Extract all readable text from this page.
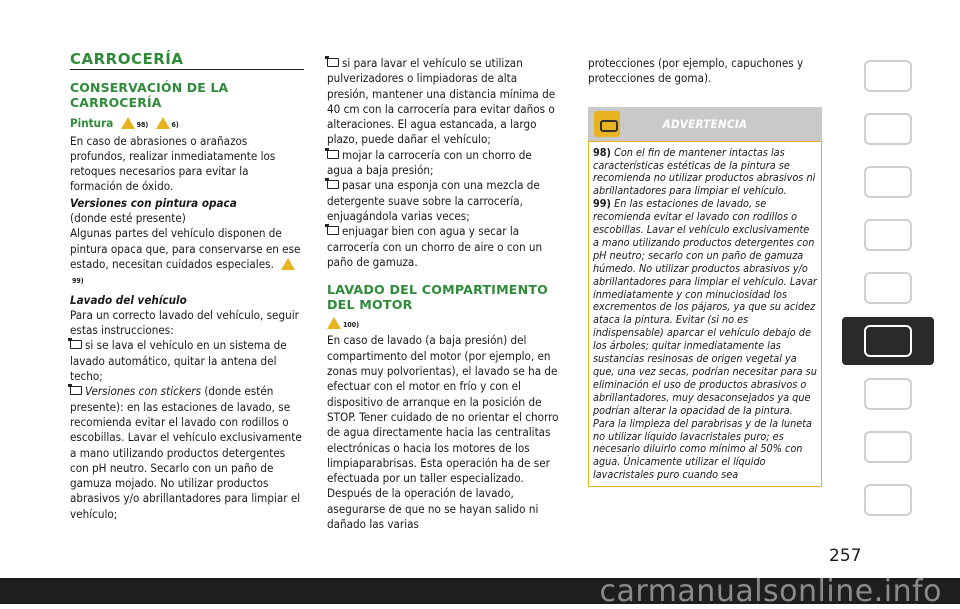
CARROCERÍA
CONSERVACIÓN DE LA
CARROCERÍA

Pintura	98)	6)

En caso de abrasiones o arañazos profundos, realizar inmediatamente los retoques necesarios para evitar la formación de óxido.

Versiones con pintura opaca

(donde esté presente)

Algunas partes del vehículo disponen de pintura opaca que, para conservarse en ese estado, necesitan cuidados especiales. 99)

Lavado del vehículo

Para un correcto lavado del vehículo, seguir estas instrucciones:

si se lava el vehículo en un sistema de lavado automático, quitar la antena del techo;

Versiones con stickers (donde estén presente): en las estaciones de lavado, se recomienda evitar el lavado con rodillos o escobillas. Lavar el vehículo exclusivamente a mano utilizando productos detergentes con pH neutro. Secarlo con un paño de gamuza mojado. No utilizar productos abrasivos y/o abrillantadores para limpiar el vehículo;

si para lavar el vehículo se utilizan pulverizadores o limpiadoras de alta presión, mantener una distancia mínima de 40 cm con la carrocería para evitar daños o alteraciones. El agua estancada, a largo plazo, puede dañar el vehículo;

mojar la carrocería con un chorro de agua a baja presión;

pasar una esponja con una mezcla de detergente suave sobre la carrocería, enjuagándola varias veces;

enjuagar bien con agua y secar la carrocería con un chorro de aire o con un paño de gamuza.

LAVADO DEL COMPARTIMENTO
DEL MOTOR

100)

En caso de lavado (a baja presión) del compartimento del motor (por ejemplo, en zonas muy polvorientas), el lavado se ha de efectuar con el motor en frío y con el dispositivo de arranque en la posición de STOP. Tener cuidado de no orientar el chorro de agua directamente hacia las centralitas electrónicas o hacia los motores de los limpiaparabrisas. Esta operación ha de ser efectuada por un taller especializado. Después de la operación de lavado, asegurarse de que no se hayan salido ni dañado las varias

protecciones (por ejemplo, capuchones y protecciones de goma).

ADVERTENCIA

98) Con el fin de mantener intactas las características estéticas de la pintura se recomienda no utilizar productos abrasivos ni abrillantadores para limpiar el vehículo.

99) En las estaciones de lavado, se recomienda evitar el lavado con rodillos o escobillas. Lavar el vehículo exclusivamente a mano utilizando productos detergentes con pH neutro; secarlo con un paño de gamuza húmedo. No utilizar productos abrasivos y/o abrillantadores para limpiar el vehículo. Lavar inmediatamente y con minuciosidad los excrementos de los pájaros, ya que su acidez ataca la pintura. Evitar (si no es indispensable) aparcar el vehículo debajo de los árboles; quitar inmediatamente las sustancias resinosas de origen vegetal ya que, una vez secas, podrían necesitar para su eliminación el uso de productos abrasivos o abrillantadores, muy desaconsejados ya que podrían alterar la opacidad de la pintura. Para la limpieza del parabrisas y de la luneta no utilizar líquido lavacristales puro; es necesario diluirlo como mínimo al 50% con agua. Únicamente utilizar el líquido lavacristales puro cuando sea

257
carmanualsonline.info
